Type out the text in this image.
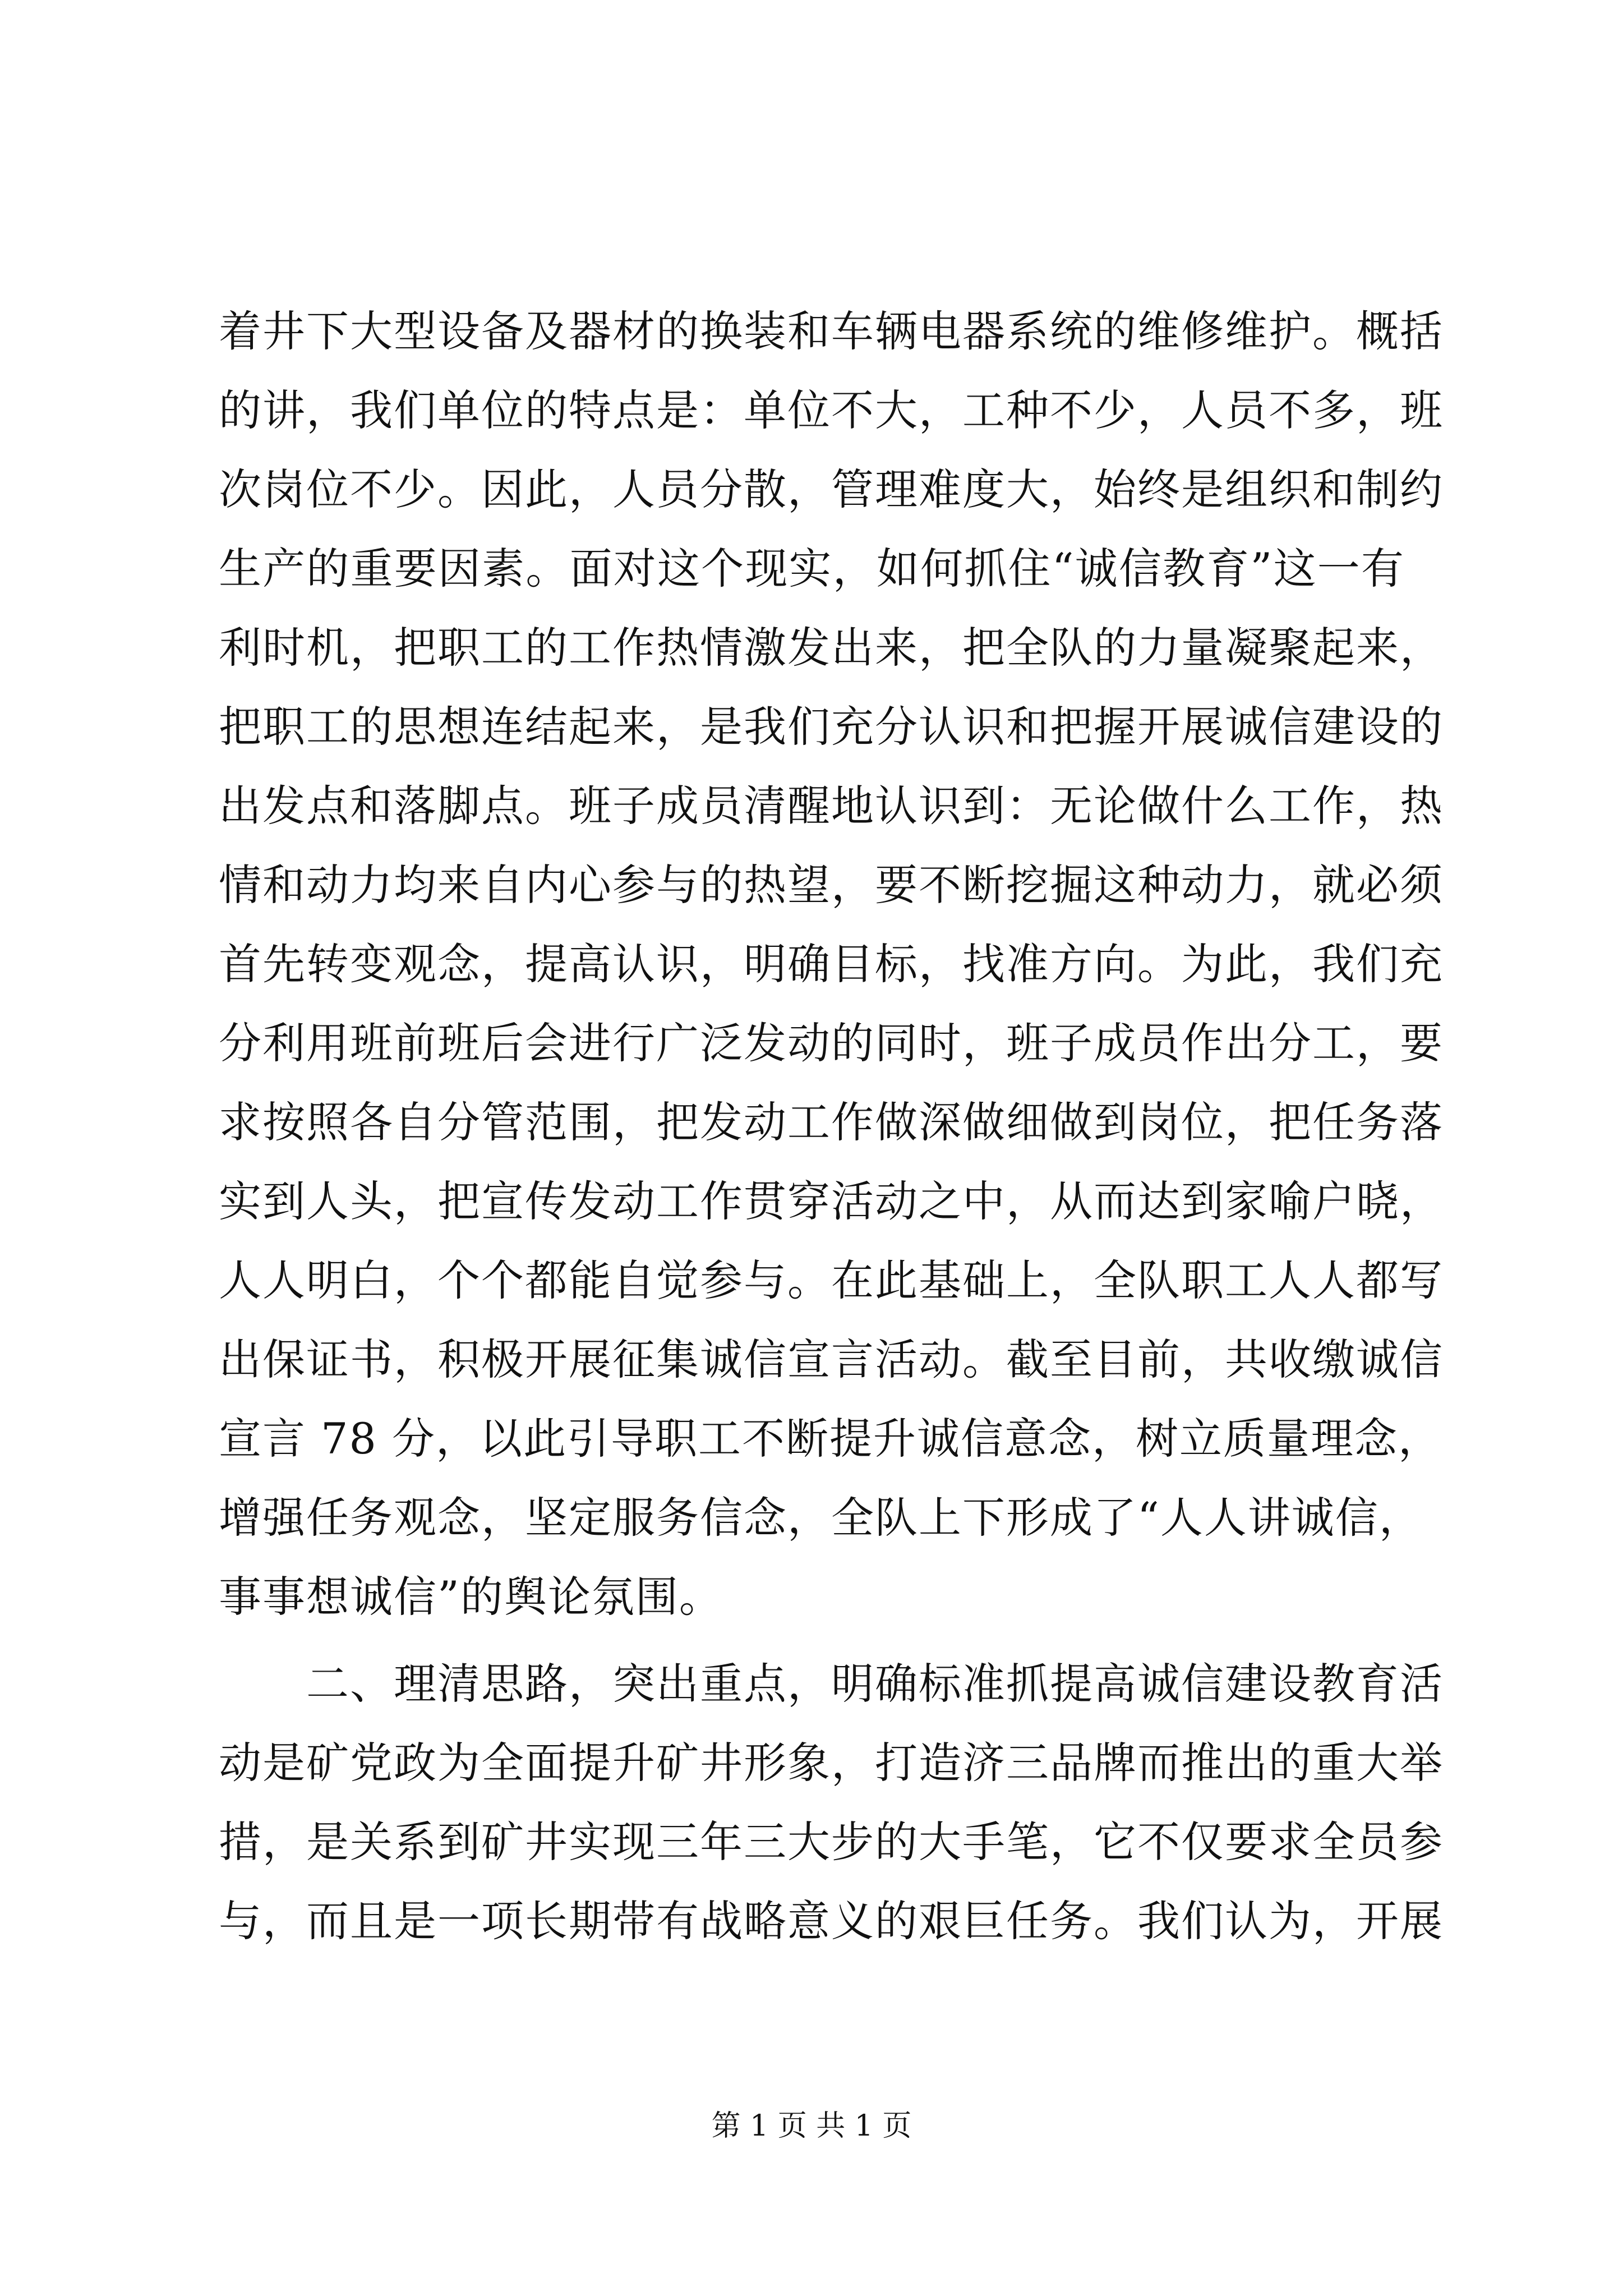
着井下大型设备及器材的换装和车辆电器系统的维修维护。概括
的讲，我们单位的特点是：单位不大，工种不少，人员不多，班
次岗位不少。因此，人员分散，管理难度大，始终是组织和制约
生产的重要因素。面对这个现实，如何抓住“诚信教育”这一有
利时机，把职工的工作热情激发出来，把全队的力量凝聚起来，
把职工的思想连结起来，是我们充分认识和把握开展诚信建设的
出发点和落脚点。班子成员清醒地认识到：无论做什么工作，热
情和动力均来自内心参与的热望，要不断挖掘这种动力，就必须
首先转变观念，提高认识，明确目标，找准方向。为此，我们充
分利用班前班后会进行广泛发动的同时，班子成员作出分工，要
求按照各自分管范围，把发动工作做深做细做到岗位，把任务落
实到人头，把宣传发动工作贯穿活动之中，从而达到家喻户晓，
人人明白，个个都能自觉参与。在此基础上，全队职工人人都写
出保证书，积极开展征集诚信宣言活动。截至目前，共收缴诚信
宣言 78 分，以此引导职工不断提升诚信意念，树立质量理念，
增强任务观念，坚定服务信念，全队上下形成了“人人讲诚信，
事事想诚信”的舆论氛围。
　　二、理清思路，突出重点，明确标准抓提高诚信建设教育活
动是矿党政为全面提升矿井形象，打造济三品牌而推出的重大举
措，是关系到矿井实现三年三大步的大手笔，它不仅要求全员参
与，而且是一项长期带有战略意义的艰巨任务。我们认为，开展
第 1 页 共 1 页
